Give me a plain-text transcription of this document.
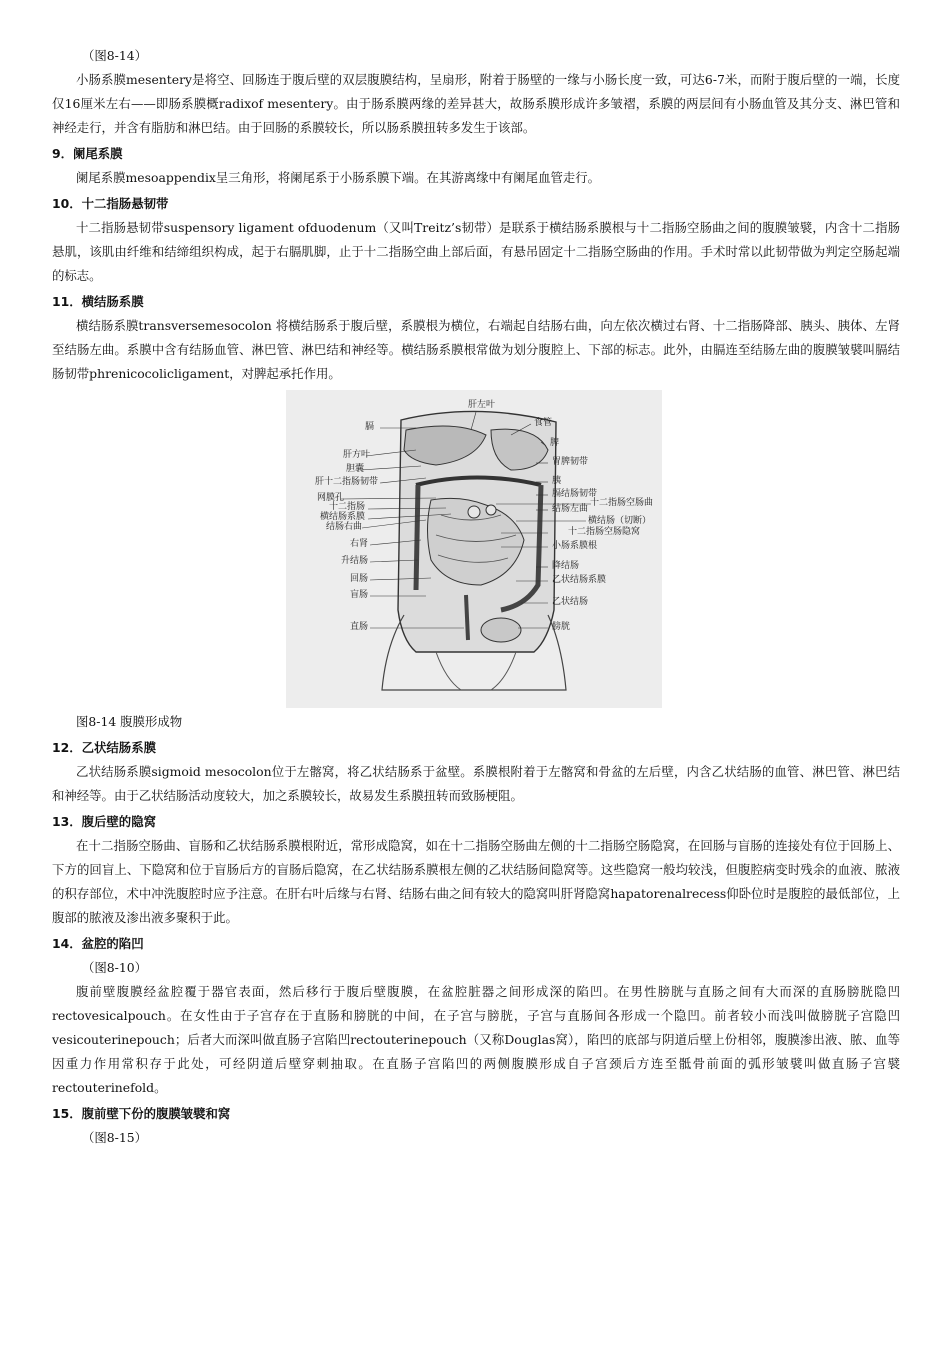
（图8-14）

小肠系膜mesentery是将空、回肠连于腹后壁的双层腹膜结构，呈扇形，附着于肠壁的一缘与小肠长度一致，可达6-7米，而附于腹后壁的一端，长度仅16厘米左右——即肠系膜概radixof mesentery。由于肠系膜两缘的差异甚大，故肠系膜形成许多皱褶，系膜的两层间有小肠血管及其分支、淋巴管和神经走行，并含有脂肪和淋巴结。由于回肠的系膜较长，所以肠系膜扭转多发生于该部。

9．阑尾系膜

阑尾系膜mesoappendix呈三角形，将阑尾系于小肠系膜下端。在其游离缘中有阑尾血管走行。

10．十二指肠悬韧带

十二指肠悬韧带suspensory ligament ofduodenum（又叫Treitz’s韧带）是联系于横结肠系膜根与十二指肠空肠曲之间的腹膜皱襞，内含十二指肠悬肌，该肌由纤维和结缔组织构成，起于右膈肌脚，止于十二指肠空曲上部后面，有悬吊固定十二指肠空肠曲的作用。手术时常以此韧带做为判定空肠起端的标志。

11．横结肠系膜

横结肠系膜transversemesocolon 将横结肠系于腹后壁，系膜根为横位，右端起自结肠右曲，向左依次横过右肾、十二指肠降部、胰头、胰体、左肾至结肠左曲。系膜中含有结肠血管、淋巴管、淋巴结和神经等。横结肠系膜根常做为划分腹腔上、下部的标志。此外，由膈连至结肠左曲的腹膜皱襞叫膈结肠韧带phrenicocolicligament，对脾起承托作用。

膈
肝方叶
胆囊
肝十二指肠韧带
网膜孔
十二指肠
横结肠系膜
结肠右曲
右肾
升结肠
回肠
盲肠
直肠
肝左叶
食管
脾
胃脾韧带
胰
膈结肠韧带
十二指肠空肠曲
结肠左曲
横结肠（切断）
十二指肠空肠隐窝
小肠系膜根
降结肠
乙状结肠系膜
乙状结肠
膀胱

图8-14 腹膜形成物

12．乙状结肠系膜

乙状结肠系膜sigmoid mesocolon位于左髂窝，将乙状结肠系于盆壁。系膜根附着于左髂窝和骨盆的左后壁，内含乙状结肠的血管、淋巴管、淋巴结和神经等。由于乙状结肠活动度较大，加之系膜较长，故易发生系膜扭转而致肠梗阻。

13．腹后壁的隐窝

在十二指肠空肠曲、盲肠和乙状结肠系膜根附近，常形成隐窝，如在十二指肠空肠曲左侧的十二指肠空肠隐窝，在回肠与盲肠的连接处有位于回肠上、下方的回盲上、下隐窝和位于盲肠后方的盲肠后隐窝，在乙状结肠系膜根左侧的乙状结肠间隐窝等。这些隐窝一般均较浅，但腹腔病变时残余的血液、脓液的积存部位，术中冲洗腹腔时应予注意。在肝右叶后缘与右肾、结肠右曲之间有较大的隐窝叫肝肾隐窝hapatorenalrecess仰卧位时是腹腔的最低部位，上腹部的脓液及渗出液多聚积于此。

14．盆腔的陷凹

（图8-10）

腹前壁腹膜经盆腔覆于器官表面，然后移行于腹后壁腹膜，在盆腔脏器之间形成深的陷凹。在男性膀胱与直肠之间有大而深的直肠膀胱隐凹rectovesicalpouch。在女性由于子宫存在于直肠和膀胱的中间，在子宫与膀胱，子宫与直肠间各形成一个隐凹。前者较小而浅叫做膀胱子宫隐凹vesicouterinepouch；后者大而深叫做直肠子宫陷凹rectouterinepouch（又称Douglas窝），陷凹的底部与阴道后壁上份相邻，腹膜渗出液、脓、血等因重力作用常积存于此处，可经阴道后壁穿刺抽取。在直肠子宫陷凹的两侧腹膜形成自子宫颈后方连至骶骨前面的弧形皱襞叫做直肠子宫襞rectouterinefold。

15．腹前壁下份的腹膜皱襞和窝

（图8-15）
